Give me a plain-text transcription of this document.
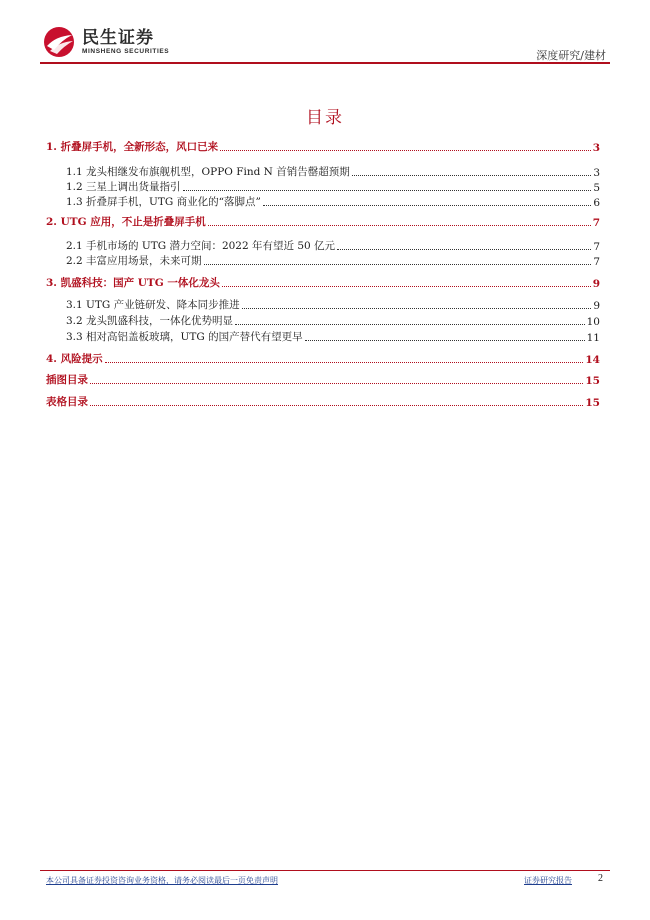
民生证券
MINSHENG SECURITIES	深度研究/建材
目录
1. 折叠屏手机，全新形态，风口已来	3
1.1 龙头相继发布旗舰机型，OPPO Find N 首销告罄超预期	3
1.2 三星上调出货量指引	5
1.3 折叠屏手机，UTG 商业化的“落脚点”	6
2. UTG 应用，不止是折叠屏手机	7
2.1 手机市场的 UTG 潜力空间：2022 年有望近 50 亿元	7
2.2 丰富应用场景，未来可期	7
3. 凯盛科技：国产 UTG 一体化龙头	9
3.1 UTG 产业链研发、降本同步推进	9
3.2 龙头凯盛科技，一体化优势明显	10
3.3 相对高铝盖板玻璃，UTG 的国产替代有望更早	11
4. 风险提示	14
插图目录	15
表格目录	15
本公司具备证券投资咨询业务资格，请务必阅读最后一页免责声明	证券研究报告	2
